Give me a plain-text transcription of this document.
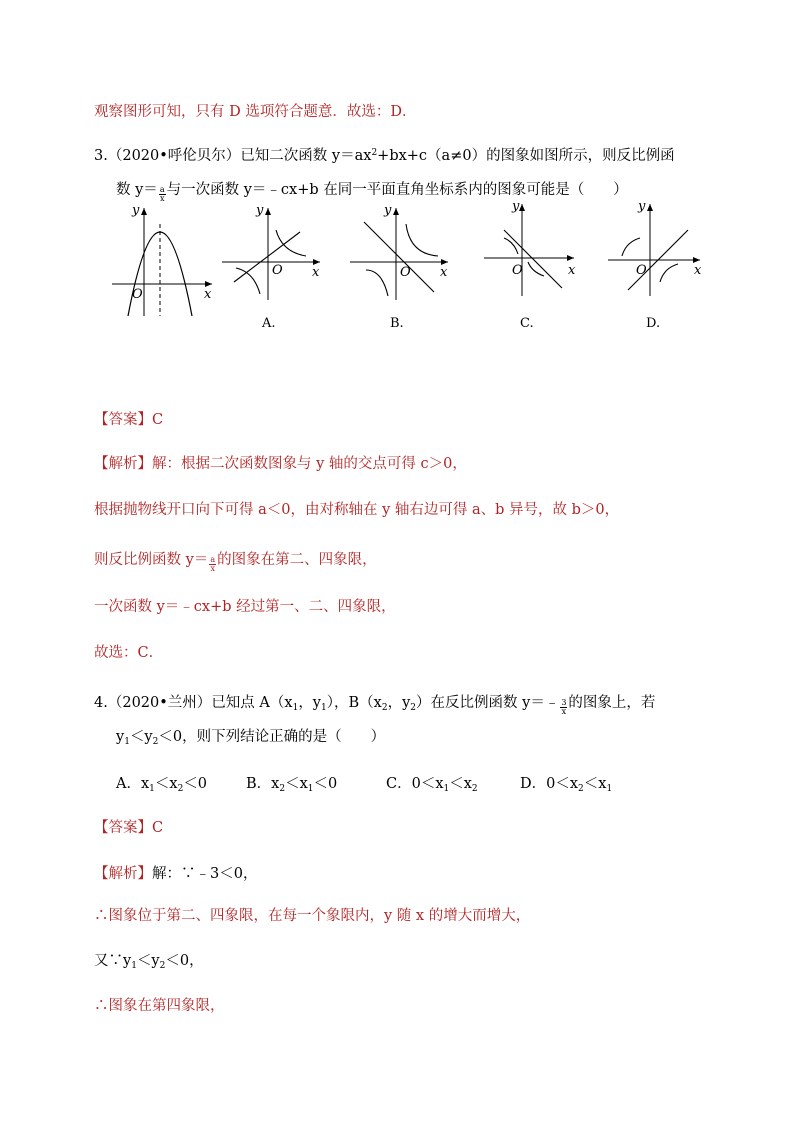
观察图形可知，只有 D 选项符合题意．故选：D．
3.（2020•呼伦贝尔）已知二次函数 $y=ax^2+bx+c(a\ne 0)$的图象如图所示，则反比例函
数 $y= \frac{a}{x}$ 与一次函数 y＝﹣cx+b 在同一平面直角坐标系内的图象可能是（　　）
y
x
O
y
x
O
y
x
O
y
x
O
y
x
O
A.	B.	C.	D.
【答案】C
【解析】解：根据二次函数图象与 y 轴的交点可得 c＞0，
根据抛物线开口向下可得 a＜0，由对称轴在 y 轴右边可得 a、b 异号，故 b＞0，
则反比例函数 $y= \frac{a}{x}$ 的图象在第二、四象限，
一次函数 y＝﹣cx+b 经过第一、二、四象限，
故选：C．
4.（2020•兰州）已知点 $A(x_1$，$y_1$），$B(x_2$，$y_2$）在反比例函数 y＝﹣ $\frac{3}{x}$ 的图象上，若
$y_1<y_2<0$，则下列结论正确的是（　　）
A．$x_1<x_2<0$	B．$x_2<x_1<0$	C．$0<x_1<x_2$	D．$0<x_2<x_1$
【答案】C
【解析】解：∵﹣3＜0，
∴图象位于第二、四象限，在每一个象限内，y 随 x 的增大而增大，
又$\because y_1<y_2<0$，
∴图象在第四象限，
